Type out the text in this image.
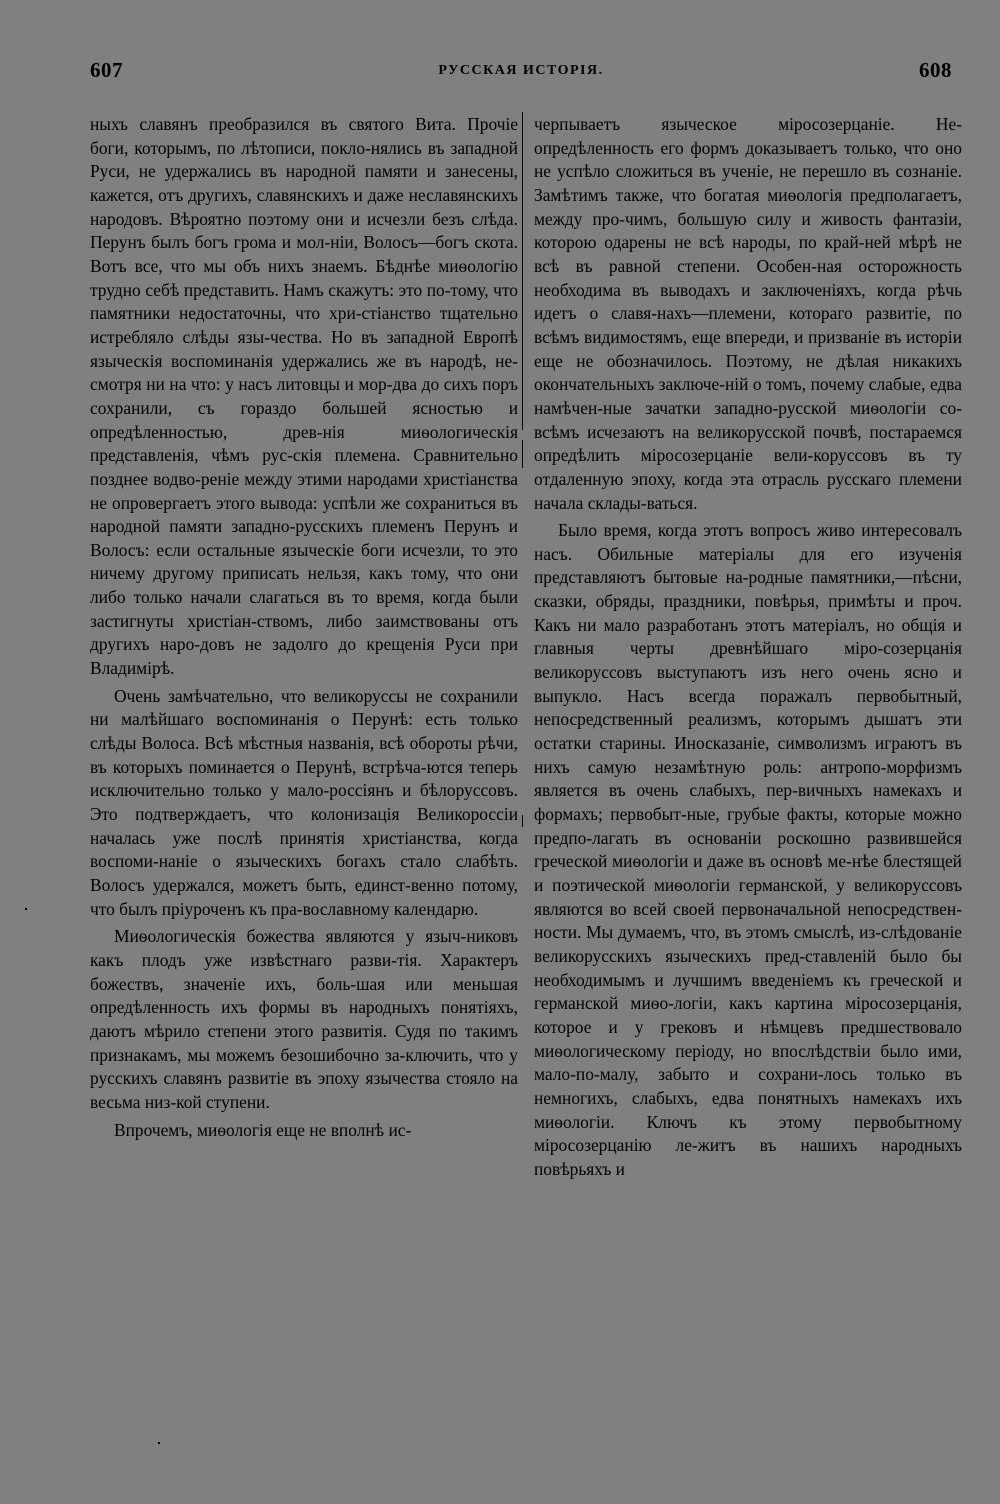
607	РУССКАЯ ИСТОРІЯ.	608

ныхъ славянъ преобразился въ святого Вита. Прочіе боги, которымъ, по лѣтописи, покло-нялись въ западной Руси, не удержались въ народной памяти и занесены, кажется, отъ другихъ, славянскихъ и даже неславянскихъ народовъ. Вѣроятно поэтому они и исчезли безъ слѣда. Перунъ былъ богъ грома и мол-ніи, Волосъ—богъ скота. Вотъ все, что мы объ нихъ знаемъ. Бѣднѣе миѳологію трудно себѣ представить. Намъ скажутъ: это по-тому, что памятники недостаточны, что хри-стіанство тщательно истребляло слѣды язы-чества. Но въ западной Европѣ языческія воспоминанія удержались же въ народѣ, не-смотря ни на что: у насъ литовцы и мор-два до сихъ поръ сохранили, съ гораздо большей ясностью и опредѣленностью, древ-нія миѳологическія представленія, чѣмъ рус-скія племена. Сравнительно позднее водво-реніе между этими народами христіанства не опровергаетъ этого вывода: успѣли же сохраниться въ народной памяти западно-русскихъ племенъ Перунъ и Волосъ: если остальные языческіе боги исчезли, то это ничему другому приписать нельзя, какъ тому, что они либо только начали слагаться въ то время, когда были застигнуты христіан-ствомъ, либо заимствованы отъ другихъ наро-довъ не задолго до крещенія Руси при Владимірѣ.

Очень замѣчательно, что великоруссы не сохранили ни малѣйшаго воспоминанія о Перунѣ: есть только слѣды Волоса. Всѣ мѣстныя названія, всѣ обороты рѣчи, въ которыхъ поминается о Перунѣ, встрѣча-ются теперь исключительно только у мало-россіянъ и бѣлоруссовъ. Это подтверждаетъ, что колонизація Великороссіи началась уже послѣ принятія христіанства, когда воспоми-наніе о языческихъ богахъ стало слабѣть. Волосъ удержался, можетъ быть, единст-венно потому, что былъ пріуроченъ къ пра-вославному календарю.

Миѳологическія божества являются у языч-никовъ какъ плодъ уже извѣстнаго разви-тія. Характеръ божествъ, значеніе ихъ, боль-шая или меньшая опредѣленность ихъ формы въ народныхъ понятіяхъ, даютъ мѣрило степени этого развитія. Судя по такимъ признакамъ, мы можемъ безошибочно за-ключить, что у русскихъ славянъ развитіе въ эпоху язычества стояло на весьма низ-кой ступени.

Впрочемъ, миѳологія еще не вполнѣ ис-

черпываетъ языческое міросозерцаніе. Не-опредѣленность его формъ доказываетъ только, что оно не успѣло сложиться въ ученіе, не перешло въ сознаніе. Замѣтимъ также, что богатая миѳологія предполагаетъ, между про-чимъ, большую силу и живость фантазіи, которою одарены не всѣ народы, по край-ней мѣрѣ не всѣ въ равной степени. Особен-ная осторожность необходима въ выводахъ и заключеніяхъ, когда рѣчь идетъ о славя-нахъ—племени, котораго развитіе, по всѣмъ видимостямъ, еще впереди, и призваніе въ исторіи еще не обозначилось. Поэтому, не дѣлая никакихъ окончательныхъ заключе-ній о томъ, почему слабые, едва намѣчен-ные зачатки западно-русской миѳологіи со-всѣмъ исчезаютъ на великорусской почвѣ, постараемся опредѣлить міросозерцаніе вели-коруссовъ въ ту отдаленную эпоху, когда эта отрасль русскаго племени начала склады-ваться.

Было время, когда этотъ вопросъ живо интересовалъ насъ. Обильные матеріалы для его изученія представляютъ бытовые на-родные памятники,—пѣсни, сказки, обряды, праздники, повѣрья, примѣты и проч. Какъ ни мало разработанъ этотъ матеріалъ, но общія и главныя черты древнѣйшаго міро-созерцанія великоруссовъ выступаютъ изъ него очень ясно и выпукло. Насъ всегда поражалъ первобытный, непосредственный реализмъ, которымъ дышатъ эти остатки старины. Иносказаніе, символизмъ играютъ въ нихъ самую незамѣтную роль: антропо-морфизмъ является въ очень слабыхъ, пер-вичныхъ намекахъ и формахъ; первобыт-ные, грубые факты, которые можно предпо-лагать въ основаніи роскошно развившейся греческой миѳологіи и даже въ основѣ ме-нѣе блестящей и поэтической миѳологіи германской, у великоруссовъ являются во всей своей первоначальной непосредствен-ности. Мы думаемъ, что, въ этомъ смыслѣ, из-слѣдованіе великорусскихъ языческихъ пред-ставленій было бы необходимымъ и лучшимъ введеніемъ къ греческой и германской миѳо-логіи, какъ картина міросозерцанія, которое и у грековъ и нѣмцевъ предшествовало миѳологическому періоду, но впослѣдствіи было ими, мало-по-малу, забыто и сохрани-лось только въ немногихъ, слабыхъ, едва понятныхъ намекахъ ихъ миѳологіи. Ключъ къ этому первобытному міросозерцанію ле-житъ въ нашихъ народныхъ повѣрьяхъ и
